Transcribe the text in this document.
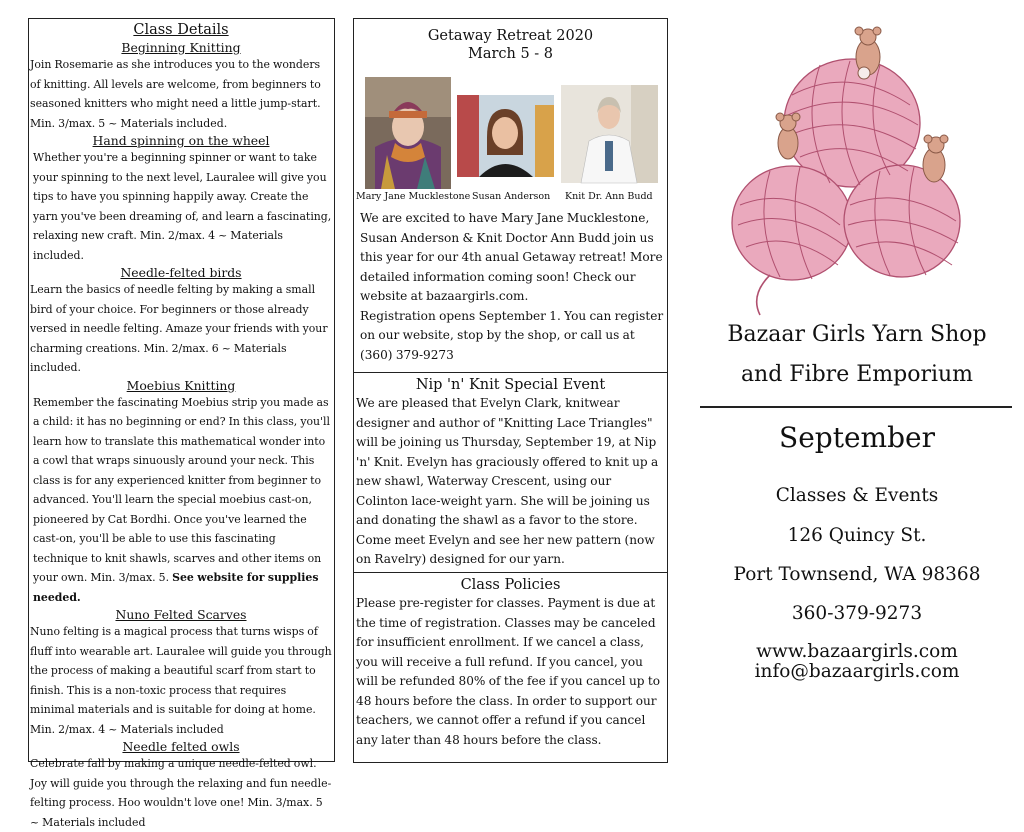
Class Details
Beginning Knitting

Join Rosemarie as she introduces you to the wonders of knitting. All levels are welcome, from beginners to seasoned knitters who might need a little jump-start. Min. 3/max. 5 ~ Materials included.

Hand spinning on the wheel

Whether you're a beginning spinner or want to take your spinning to the next level, Lauralee will give you tips to have you spinning happily away. Create the yarn you've been dreaming of, and learn a fascinating, relaxing new craft. Min. 2/max. 4 ~ Materials included.

Needle-felted birds

Learn the basics of needle felting by making a small bird of your choice. For beginners or those already versed in needle felting. Amaze your friends with your charming creations. Min. 2/max. 6 ~ Materials included.

Moebius Knitting

Remember the fascinating Moebius strip you made as a child: it has no beginning or end? In this class, you'll learn how to translate this mathematical wonder into a cowl that wraps sinuously around your neck. This class is for any experienced knitter from beginner to advanced. You'll learn the special moebius cast-on, pioneered by Cat Bordhi. Once you've learned the cast-on, you'll be able to use this fascinating technique to knit shawls, scarves and other items on your own. Min. 3/max. 5. See website for supplies needed.

Nuno Felted Scarves

Nuno felting is a magical process that turns wisps of fluff into wearable art. Lauralee will guide you through the process of making a beautiful scarf from start to finish. This is a non-toxic process that requires minimal materials and is suitable for doing at home. Min. 2/max. 4 ~ Materials included

Needle felted owls

Celebrate fall by making a unique needle-felted owl. Joy will guide you through the relaxing and fun needle-felting process. Hoo wouldn't love one! Min. 3/max. 5 ~ Materials included

Getaway Retreat 2020
March 5 - 8
Mary Jane Mucklestone Susan Anderson Knit Dr. Ann Budd

We are excited to have Mary Jane Mucklestone, Susan Anderson & Knit Doctor Ann Budd join us this year for our 4th anual Getaway retreat! More detailed information coming soon! Check our website at bazaargirls.com.

Registration opens September 1. You can register on our website, stop by the shop, or call us at (360) 379-9273

Nip 'n' Knit Special Event

We are pleased that Evelyn Clark, knitwear designer and author of "Knitting Lace Triangles" will be joining us Thursday, September 19, at Nip 'n' Knit. Evelyn has graciously offered to knit up a new shawl, Waterway Crescent, using our Colinton lace-weight yarn. She will be joining us and donating the shawl as a favor to the store. Come meet Evelyn and see her new pattern (now on Ravelry) designed for our yarn.

Class Policies

Please pre-register for classes. Payment is due at the time of registration. Classes may be canceled for insufficient enrollment. If we cancel a class, you will receive a full refund. If you cancel, you will be refunded 80% of the fee if you cancel up to 48 hours before the class. In order to support our teachers, we cannot offer a refund if you cancel any later than 48 hours before the class.

Bazaar Girls Yarn Shop
and Fibre Emporium
September
Classes & Events
126 Quincy St.
Port Townsend, WA 98368
360-379-9273
www.bazaargirls.com
info@bazaargirls.com
